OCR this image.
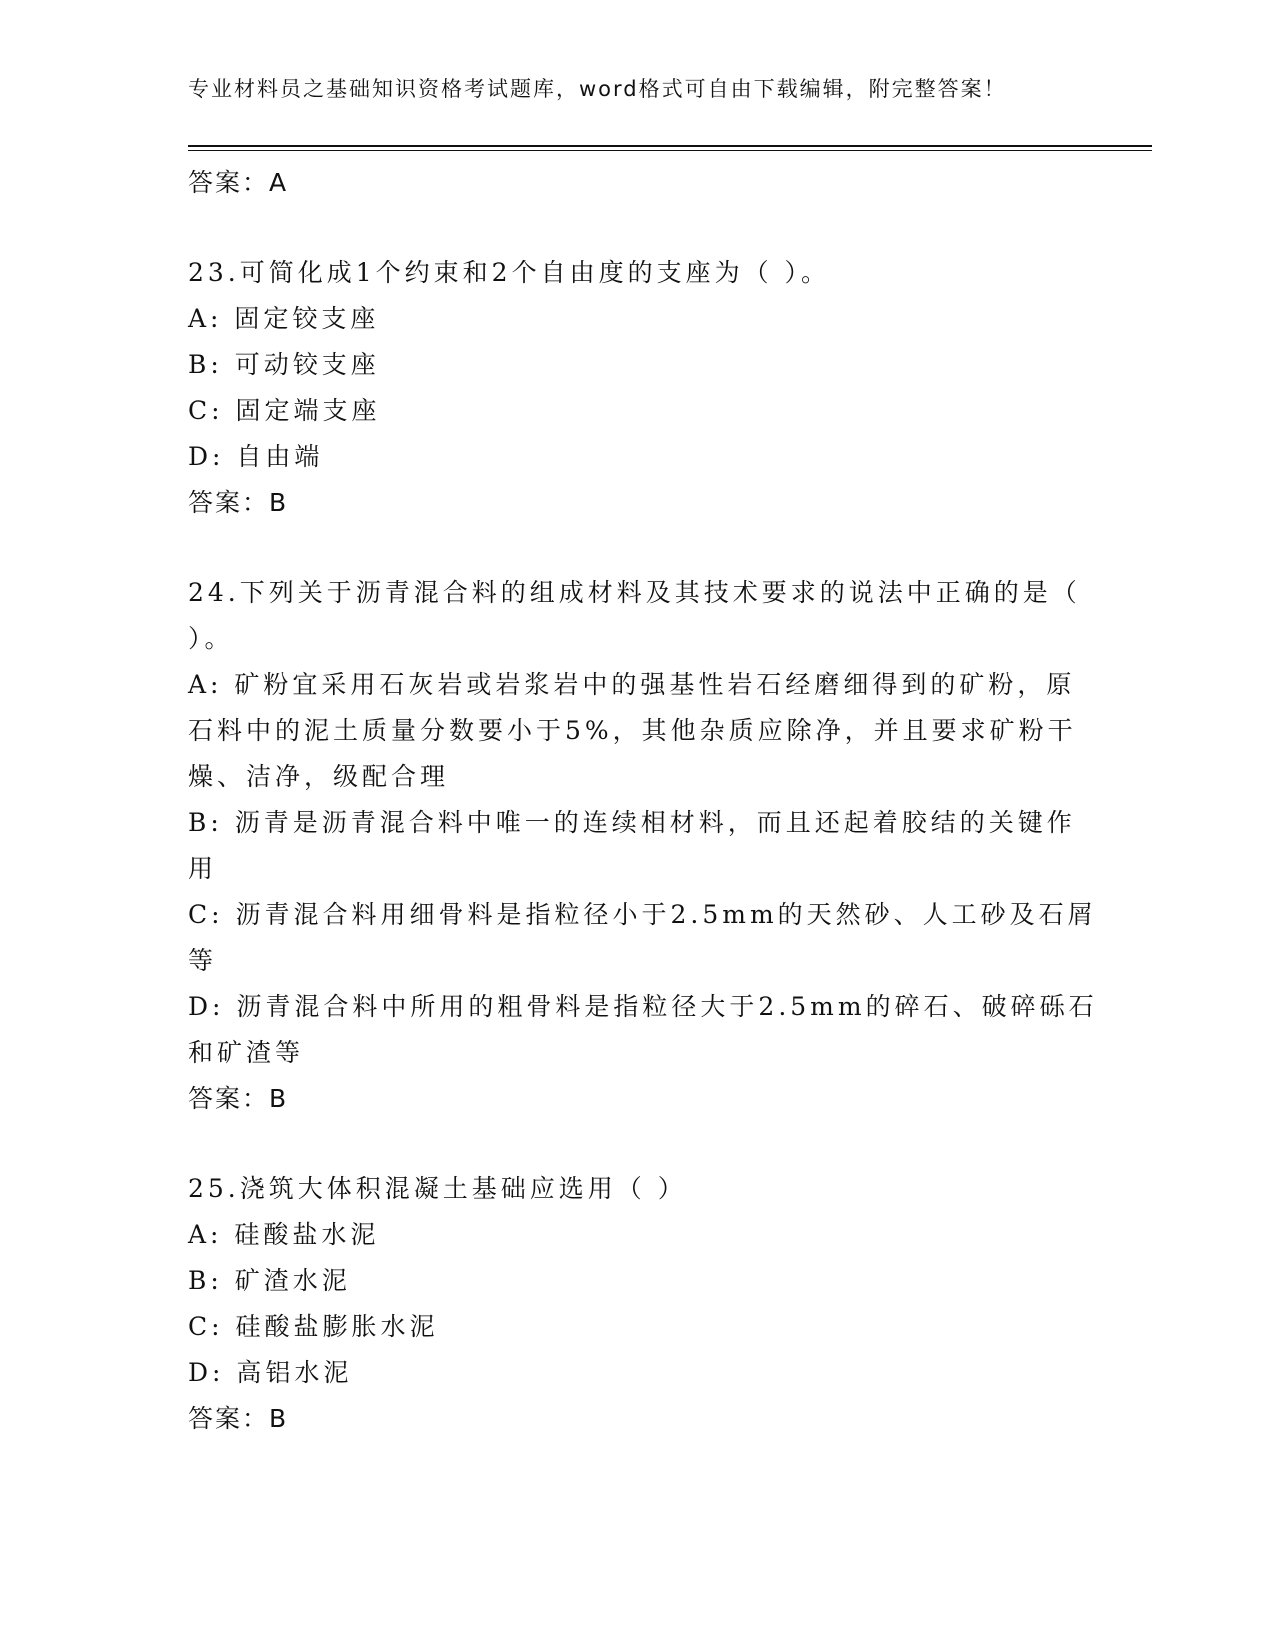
专业材料员之基础知识资格考试题库，word格式可自由下载编辑，附完整答案！
答案：A
23.可简化成1个约束和2个自由度的支座为（ ）。
A: 固定铰支座
B: 可动铰支座
C: 固定端支座
D: 自由端
答案：B
24.下列关于沥青混合料的组成材料及其技术要求的说法中正确的是（
）。
A: 矿粉宜采用石灰岩或岩浆岩中的强基性岩石经磨细得到的矿粉，原
石料中的泥土质量分数要小于5%，其他杂质应除净，并且要求矿粉干
燥、洁净，级配合理
B: 沥青是沥青混合料中唯一的连续相材料，而且还起着胶结的关键作
用
C: 沥青混合料用细骨料是指粒径小于2.5mm的天然砂、人工砂及石屑
等
D: 沥青混合料中所用的粗骨料是指粒径大于2.5mm的碎石、破碎砾石
和矿渣等
答案：B
25.浇筑大体积混凝土基础应选用（ ）
A: 硅酸盐水泥
B: 矿渣水泥
C: 硅酸盐膨胀水泥
D: 高铝水泥
答案：B
